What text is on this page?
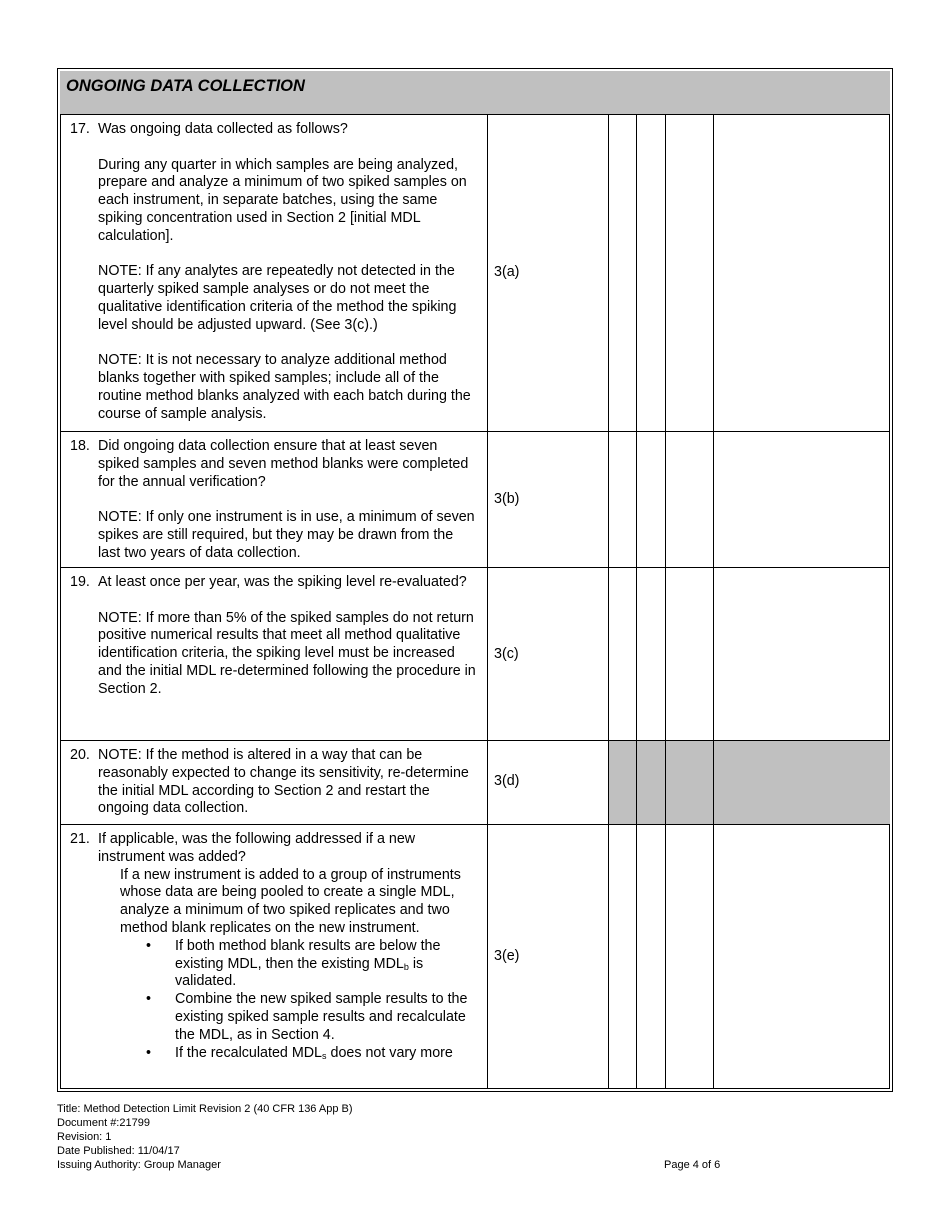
ONGOING DATA COLLECTION
17. Was ongoing data collected as follows?

During any quarter in which samples are being analyzed, prepare and analyze a minimum of two spiked samples on each instrument, in separate batches, using the same spiking concentration used in Section 2 [initial MDL calculation].

NOTE: If any analytes are repeatedly not detected in the quarterly spiked sample analyses or do not meet the qualitative identification criteria of the method the spiking level should be adjusted upward. (See 3(c).)

NOTE: It is not necessary to analyze additional method blanks together with spiked samples; include all of the routine method blanks analyzed with each batch during the course of sample analysis.

3(a)
18. Did ongoing data collection ensure that at least seven spiked samples and seven method blanks were completed for the annual verification?

NOTE: If only one instrument is in use, a minimum of seven spikes are still required, but they may be drawn from the last two years of data collection.

3(b)
19. At least once per year, was the spiking level re-evaluated?

NOTE: If more than 5% of the spiked samples do not return positive numerical results that meet all method qualitative identification criteria, the spiking level must be increased and the initial MDL re-determined following the procedure in Section 2.

3(c)
20. NOTE: If the method is altered in a way that can be reasonably expected to change its sensitivity, re-determine the initial MDL according to Section 2 and restart the ongoing data collection.

3(d)
21. If applicable, was the following addressed if a new instrument was added?

If a new instrument is added to a group of instruments whose data are being pooled to create a single MDL, analyze a minimum of two spiked replicates and two method blank replicates on the new instrument.

• If both method blank results are below the existing MDL, then the existing $MDL_b$ is validated.
• Combine the new spiked sample results to the existing spiked sample results and recalculate the MDL, as in Section 4.
• If the recalculated $MDL_s$ does not vary more
3(e)
Title: Method Detection Limit Revision 2 (40 CFR 136 App B)
Document #:21799
Revision: 1
Date Published: 11/04/17
Issuing Authority: Group Manager	Page 4 of 6
